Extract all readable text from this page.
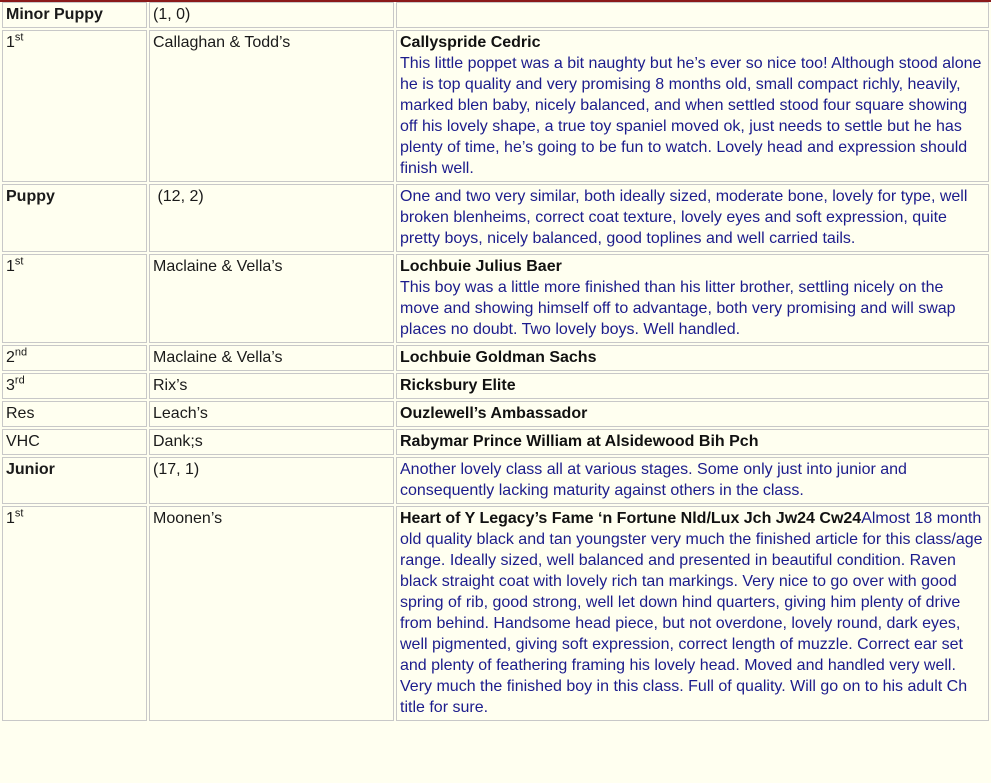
Minor Puppy	(1, 0)	
1st	Callaghan & Todd’s	Callyspride Cedric
This little poppet was a bit naughty but he’s ever so nice too! Although stood alone he is top quality and very promising 8 months old, small compact richly, heavily, marked blen baby, nicely balanced, and when settled stood four square showing off his lovely shape, a true toy spaniel moved ok, just needs to settle but he has plenty of time, he’s going to be fun to watch. Lovely head and expression should finish well.
Puppy	(12, 2)	One and two very similar, both ideally sized, moderate bone, lovely for type, well broken blenheims, correct coat texture, lovely eyes and soft expression, quite pretty boys, nicely balanced, good toplines and well carried tails.
1st	Maclaine & Vella’s	Lochbuie Julius Baer
This boy was a little more finished than his litter brother, settling nicely on the move and showing himself off to advantage, both very promising and will swap places no doubt. Two lovely boys. Well handled.
2nd	Maclaine & Vella’s	Lochbuie Goldman Sachs
3rd	Rix’s	Ricksbury Elite
Res	Leach’s	Ouzlewell’s Ambassador
VHC	Dank;s	Rabymar Prince William at Alsidewood Bih Pch
Junior	(17, 1)	Another lovely class all at various stages. Some only just into junior and consequently lacking maturity against others in the class.
1st	Moonen’s	Heart of Y Legacy’s Fame ‘n Fortune Nld/Lux Jch Jw24 Cw24Almost 18 month old quality black and tan youngster very much the finished article for this class/age range. Ideally sized, well balanced and presented in beautiful condition. Raven black straight coat with lovely rich tan markings. Very nice to go over with good spring of rib, good strong, well let down hind quarters, giving him plenty of drive from behind. Handsome head piece, but not overdone, lovely round, dark eyes, well pigmented, giving soft expression, correct length of muzzle. Correct ear set and plenty of feathering framing his lovely head. Moved and handled very well. Very much the finished boy in this class. Full of quality. Will go on to his adult Ch title for sure.
